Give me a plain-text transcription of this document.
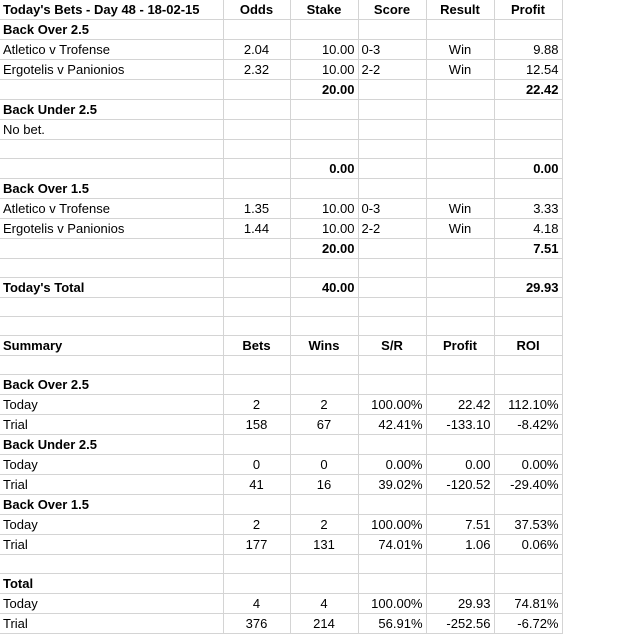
Today's Bets - Day 48 - 18-02-15	Odds	Stake	Score	Result	Profit
Back Over 2.5					
Atletico v Trofense	2.04	10.00	0-3	Win	9.88
Ergotelis v Panionios	2.32	10.00	2-2	Win	12.54
		20.00			22.42
Back Under 2.5					
No bet.					

		0.00			0.00
Back Over 1.5					
Atletico v Trofense	1.35	10.00	0-3	Win	3.33
Ergotelis v Panionios	1.44	10.00	2-2	Win	4.18
		20.00			7.51

Today's Total		40.00			29.93

Summary	Bets	Wins	S/R	Profit	ROI

Back Over 2.5					
Today	2	2	100.00%	22.42	112.10%
Trial	158	67	42.41%	-133.10	-8.42%
Back Under 2.5					
Today	0	0	0.00%	0.00	0.00%
Trial	41	16	39.02%	-120.52	-29.40%
Back Over 1.5					
Today	2	2	100.00%	7.51	37.53%
Trial	177	131	74.01%	1.06	0.06%

Total					
Today	4	4	100.00%	29.93	74.81%
Trial	376	214	56.91%	-252.56	-6.72%
